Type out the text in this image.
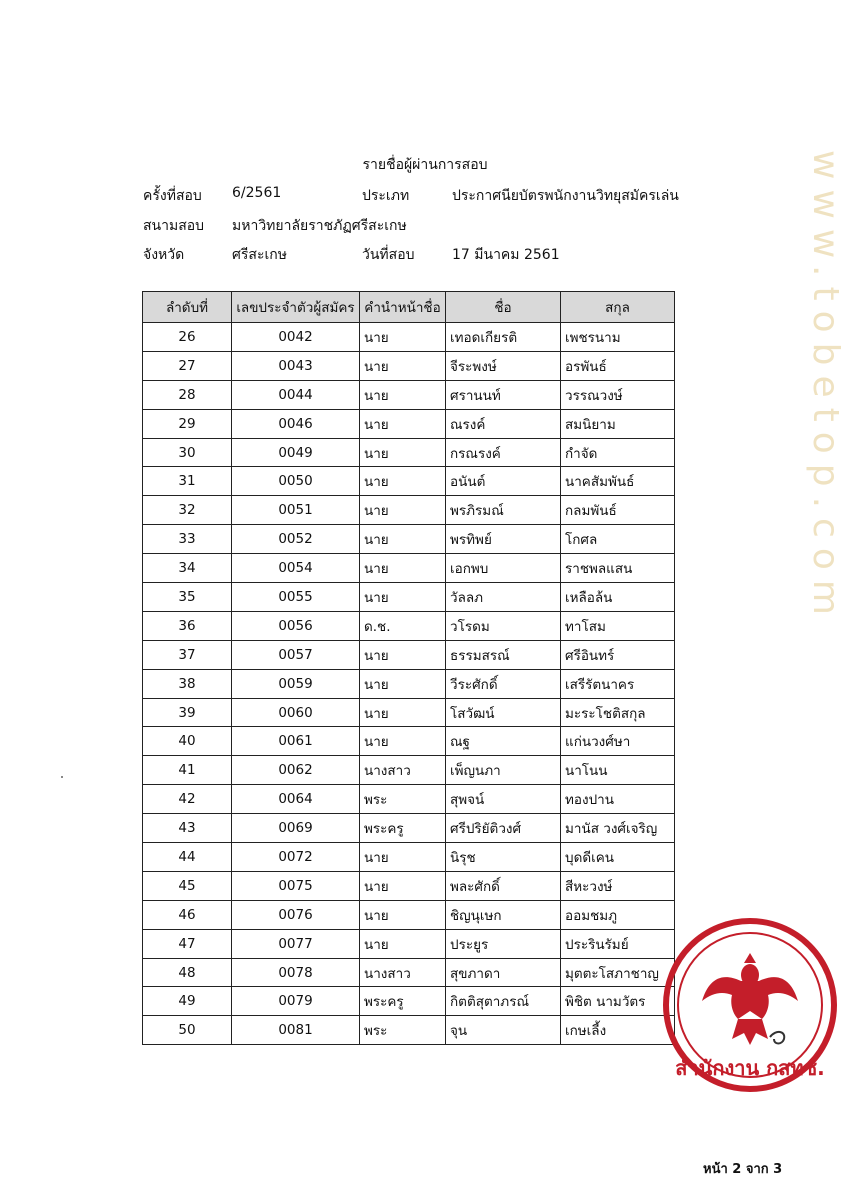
รายชื่อผู้ผ่านการสอบ
ครั้งที่สอบ 6/2561	ประเภท	ประกาศนียบัตรพนักงานวิทยุสมัครเล่น
สนามสอบ มหาวิทยาลัยราชภัฏศรีสะเกษ
จังหวัด	ศรีสะเกษ	วันที่สอบ	17 มีนาคม 2561
ลำดับที่	เลขประจำตัวผู้สมัคร	คำนำหน้าชื่อ	ชื่อ	สกุล
26	0042	นาย	เทอดเกียรติ	เพชรนาม
27	0043	นาย	จีระพงษ์	อรพันธ์
28	0044	นาย	ศรานนท์	วรรณวงษ์
29	0046	นาย	ณรงค์	สมนิยาม
30	0049	นาย	กรณรงค์	กำจัด
31	0050	นาย	อนันต์	นาคสัมพันธ์
32	0051	นาย	พรภิรมณ์	กลมพันธ์
33	0052	นาย	พรทิพย์	โกศล
34	0054	นาย	เอกพบ	ราชพลแสน
35	0055	นาย	วัลลภ	เหลือล้น
36	0056	ด.ช.	วโรดม	ทาโสม
37	0057	นาย	ธรรมสรณ์	ศรีอินทร์
38	0059	นาย	วีระศักดิ์	เสรีรัตนาคร
39	0060	นาย	โสวัฒน์	มะระโชติสกุล
40	0061	นาย	ณฐ	แก่นวงศ์ษา
41	0062	นางสาว	เพ็ญนภา	นาโนน
42	0064	พระ	สุพจน์	ทองปาน
43	0069	พระครู	ศรีปริยัติวงศ์	มานัส วงศ์เจริญ
44	0072	นาย	นิรุช	บุดดีเคน
45	0075	นาย	พละศักดิ์	สีหะวงษ์
46	0076	นาย	ชิญนุเษก	ออมชมภู
47	0077	นาย	ประยูร	ประรินรัมย์
48	0078	นางสาว	สุขภาดา	มุตตะโสภาชาญ
49	0079	พระครู	กิตติสุตาภรณ์	พิชิต นามวัตร
50	0081	พระ	จุน	เกษเลี้ง
www.tobetop.com
สำนักงาน กสทช.
หน้า 2 จาก 3
